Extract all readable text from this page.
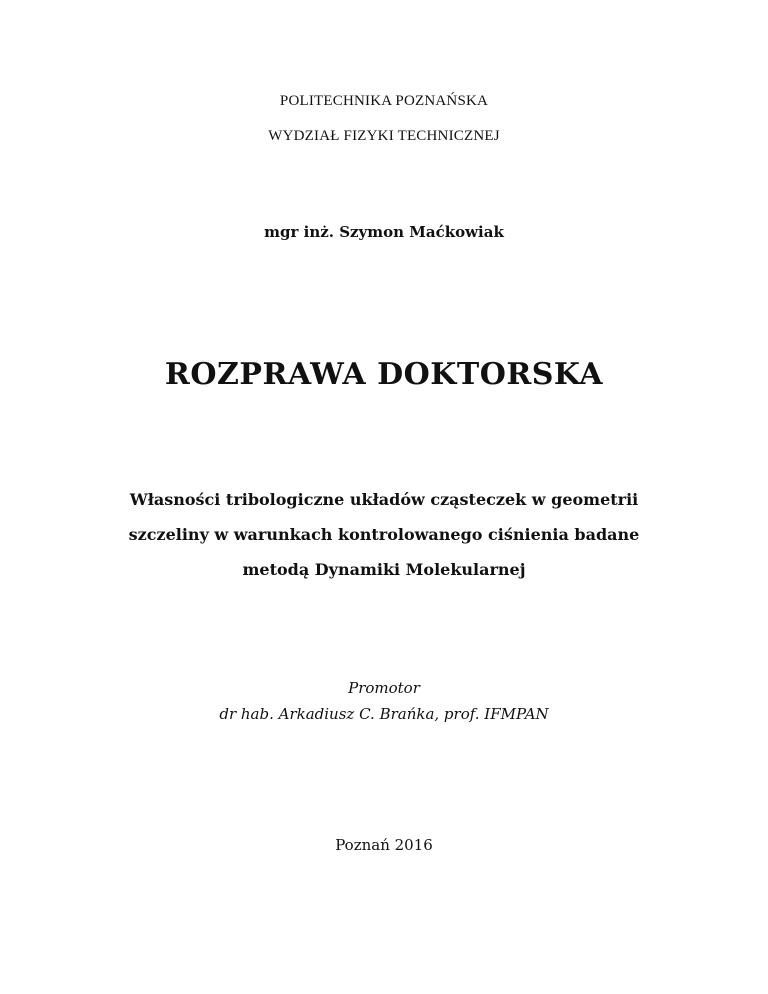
POLITECHNIKA POZNAŃSKA
WYDZIAŁ FIZYKI TECHNICZNEJ
mgr inż. Szymon Maćkowiak
ROZPRAWA DOKTORSKA
Własności tribologiczne układów cząsteczek w geometrii
szczeliny w warunkach kontrolowanego ciśnienia badane
metodą Dynamiki Molekularnej
Promotor
dr hab. Arkadiusz C. Brańka, prof. IFMPAN
Poznań 2016
